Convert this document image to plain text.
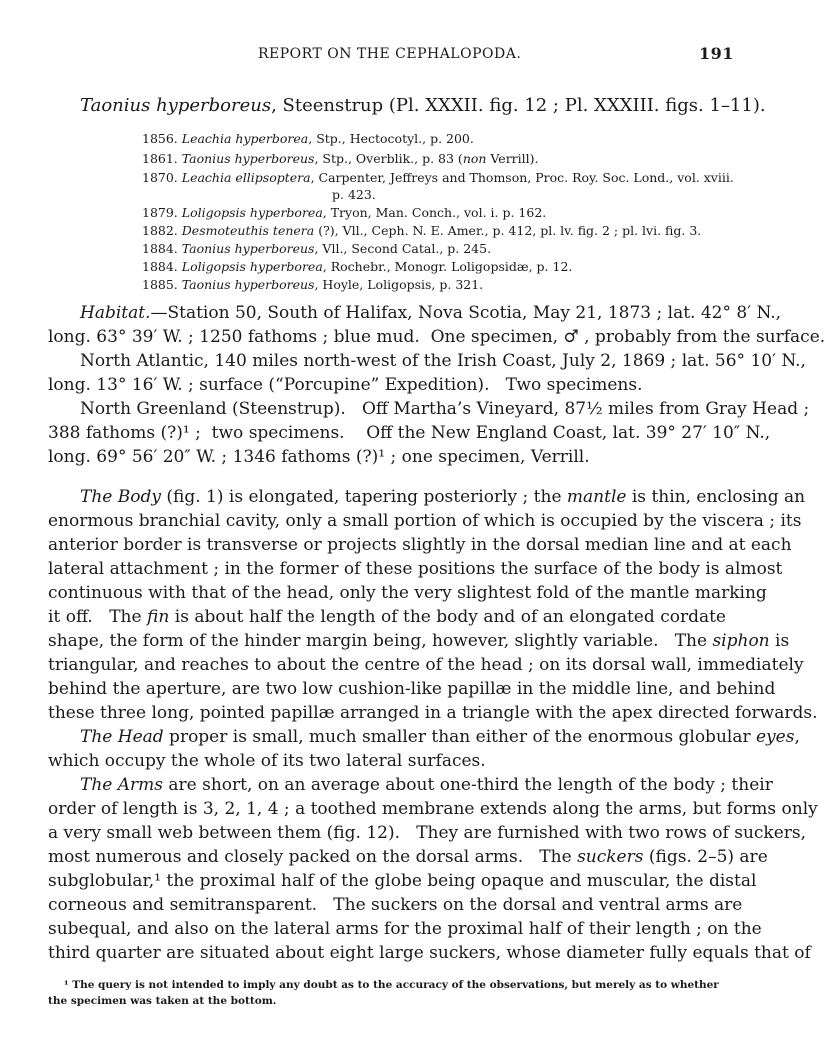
REPORT ON THE CEPHALOPODA.	191
Taonius hyperboreus, Steenstrup (Pl. XXXII. fig. 12 ; Pl. XXXIII. figs. 1–11).
1856. Leachia hyperborea, Stp., Hectocotyl., p. 200.
1861. Taonius hyperboreus, Stp., Overblik., p. 83 (non Verrill).
1870. Leachia ellipsoptera, Carpenter, Jeffreys and Thomson, Proc. Roy. Soc. Lond., vol. xviii.
p. 423.
1879. Loligopsis hyperborea, Tryon, Man. Conch., vol. i. p. 162.
1882. Desmoteuthis tenera (?), Vll., Ceph. N. E. Amer., p. 412, pl. lv. fig. 2 ; pl. lvi. fig. 3.
1884. Taonius hyperboreus, Vll., Second Catal., p. 245.
1884. Loligopsis hyperborea, Rochebr., Monogr. Loligopsidæ, p. 12.
1885. Taonius hyperboreus, Hoyle, Loligopsis, p. 321.
Habitat.—Station 50, South of Halifax, Nova Scotia, May 21, 1873 ; lat. 42° 8′ N.,
long. 63° 39′ W. ; 1250 fathoms ; blue mud.  One specimen, ♂ , probably from the surface.
North Atlantic, 140 miles north-west of the Irish Coast, July 2, 1869 ; lat. 56° 10′ N.,
long. 13° 16′ W. ; surface (“Porcupine” Expedition).   Two specimens.
North Greenland (Steenstrup).   Off Martha’s Vineyard, 87½ miles from Gray Head ;
388 fathoms (?)¹ ;  two specimens.    Off the New England Coast, lat. 39° 27′ 10″ N.,
long. 69° 56′ 20″ W. ; 1346 fathoms (?)¹ ; one specimen, Verrill.
The Body (fig. 1) is elongated, tapering posteriorly ; the mantle is thin, enclosing an
enormous branchial cavity, only a small portion of which is occupied by the viscera ; its
anterior border is transverse or projects slightly in the dorsal median line and at each
lateral attachment ; in the former of these positions the surface of the body is almost
continuous with that of the head, only the very slightest fold of the mantle marking
it off.   The fin is about half the length of the body and of an elongated cordate
shape, the form of the hinder margin being, however, slightly variable.   The siphon is
triangular, and reaches to about the centre of the head ; on its dorsal wall, immediately
behind the aperture, are two low cushion-like papillæ in the middle line, and behind
these three long, pointed papillæ arranged in a triangle with the apex directed forwards.
The Head proper is small, much smaller than either of the enormous globular eyes,
which occupy the whole of its two lateral surfaces.
The Arms are short, on an average about one-third the length of the body ; their
order of length is 3, 2, 1, 4 ; a toothed membrane extends along the arms, but forms only
a very small web between them (fig. 12).   They are furnished with two rows of suckers,
most numerous and closely packed on the dorsal arms.   The suckers (figs. 2–5) are
subglobular,¹ the proximal half of the globe being opaque and muscular, the distal
corneous and semitransparent.   The suckers on the dorsal and ventral arms are
subequal, and also on the lateral arms for the proximal half of their length ; on the
third quarter are situated about eight large suckers, whose diameter fully equals that of
¹ The query is not intended to imply any doubt as to the accuracy of the observations, but merely as to whether
the specimen was taken at the bottom.
